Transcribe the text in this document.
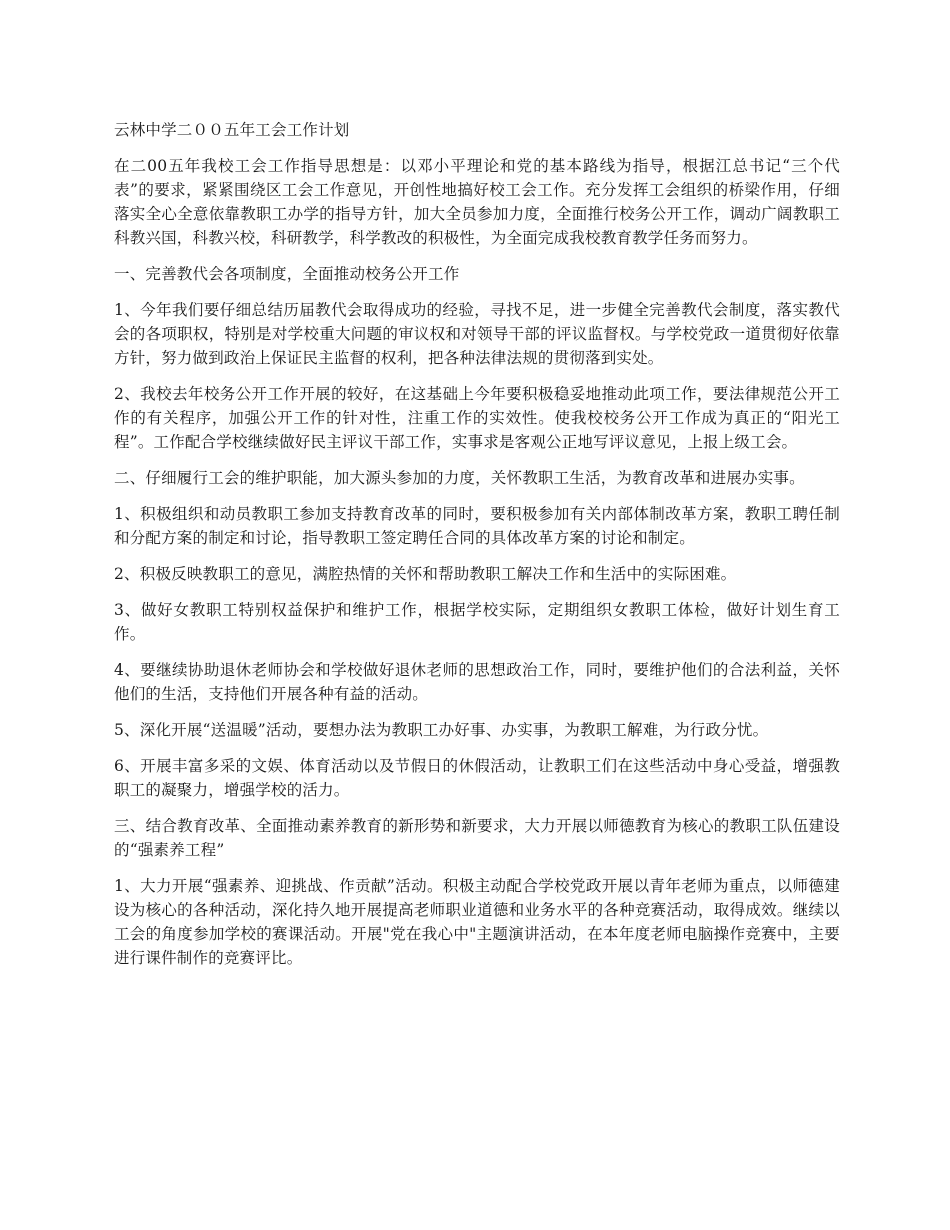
云林中学二００五年工会工作计划

在二00五年我校工会工作指导思想是：以邓小平理论和党的基本路线为指导，根据江总书记“三个代表”的要求，紧紧围绕区工会工作意见，开创性地搞好校工会工作。充分发挥工会组织的桥梁作用，仔细落实全心全意依靠教职工办学的指导方针，加大全员参加力度，全面推行校务公开工作，调动广阔教职工科教兴国，科教兴校，科研教学，科学教改的积极性，为全面完成我校教育教学任务而努力。

一、完善教代会各项制度，全面推动校务公开工作

1、今年我们要仔细总结历届教代会取得成功的经验，寻找不足，进一步健全完善教代会制度，落实教代会的各项职权，特别是对学校重大问题的审议权和对领导干部的评议监督权。与学校党政一道贯彻好依靠方针，努力做到政治上保证民主监督的权利，把各种法律法规的贯彻落到实处。

2、我校去年校务公开工作开展的较好，在这基础上今年要积极稳妥地推动此项工作，要法律规范公开工作的有关程序，加强公开工作的针对性，注重工作的实效性。使我校校务公开工作成为真正的“阳光工程”。工作配合学校继续做好民主评议干部工作，实事求是客观公正地写评议意见，上报上级工会。

二、仔细履行工会的维护职能，加大源头参加的力度，关怀教职工生活，为教育改革和进展办实事。

1、积极组织和动员教职工参加支持教育改革的同时，要积极参加有关内部体制改革方案，教职工聘任制和分配方案的制定和讨论，指导教职工签定聘任合同的具体改革方案的讨论和制定。

2、积极反映教职工的意见，满腔热情的关怀和帮助教职工解决工作和生活中的实际困难。

3、做好女教职工特别权益保护和维护工作，根据学校实际，定期组织女教职工体检，做好计划生育工作。

4、要继续协助退休老师协会和学校做好退休老师的思想政治工作，同时，要维护他们的合法利益，关怀他们的生活，支持他们开展各种有益的活动。

5、深化开展“送温暖”活动，要想办法为教职工办好事、办实事，为教职工解难，为行政分忧。

6、开展丰富多采的文娱、体育活动以及节假日的休假活动，让教职工们在这些活动中身心受益，增强教职工的凝聚力，增强学校的活力。

三、结合教育改革、全面推动素养教育的新形势和新要求，大力开展以师德教育为核心的教职工队伍建设的“强素养工程”

1、大力开展“强素养、迎挑战、作贡献”活动。积极主动配合学校党政开展以青年老师为重点，以师德建设为核心的各种活动，深化持久地开展提高老师职业道德和业务水平的各种竞赛活动，取得成效。继续以工会的角度参加学校的赛课活动。开展"党在我心中"主题演讲活动，在本年度老师电脑操作竞赛中，主要进行课件制作的竞赛评比。
